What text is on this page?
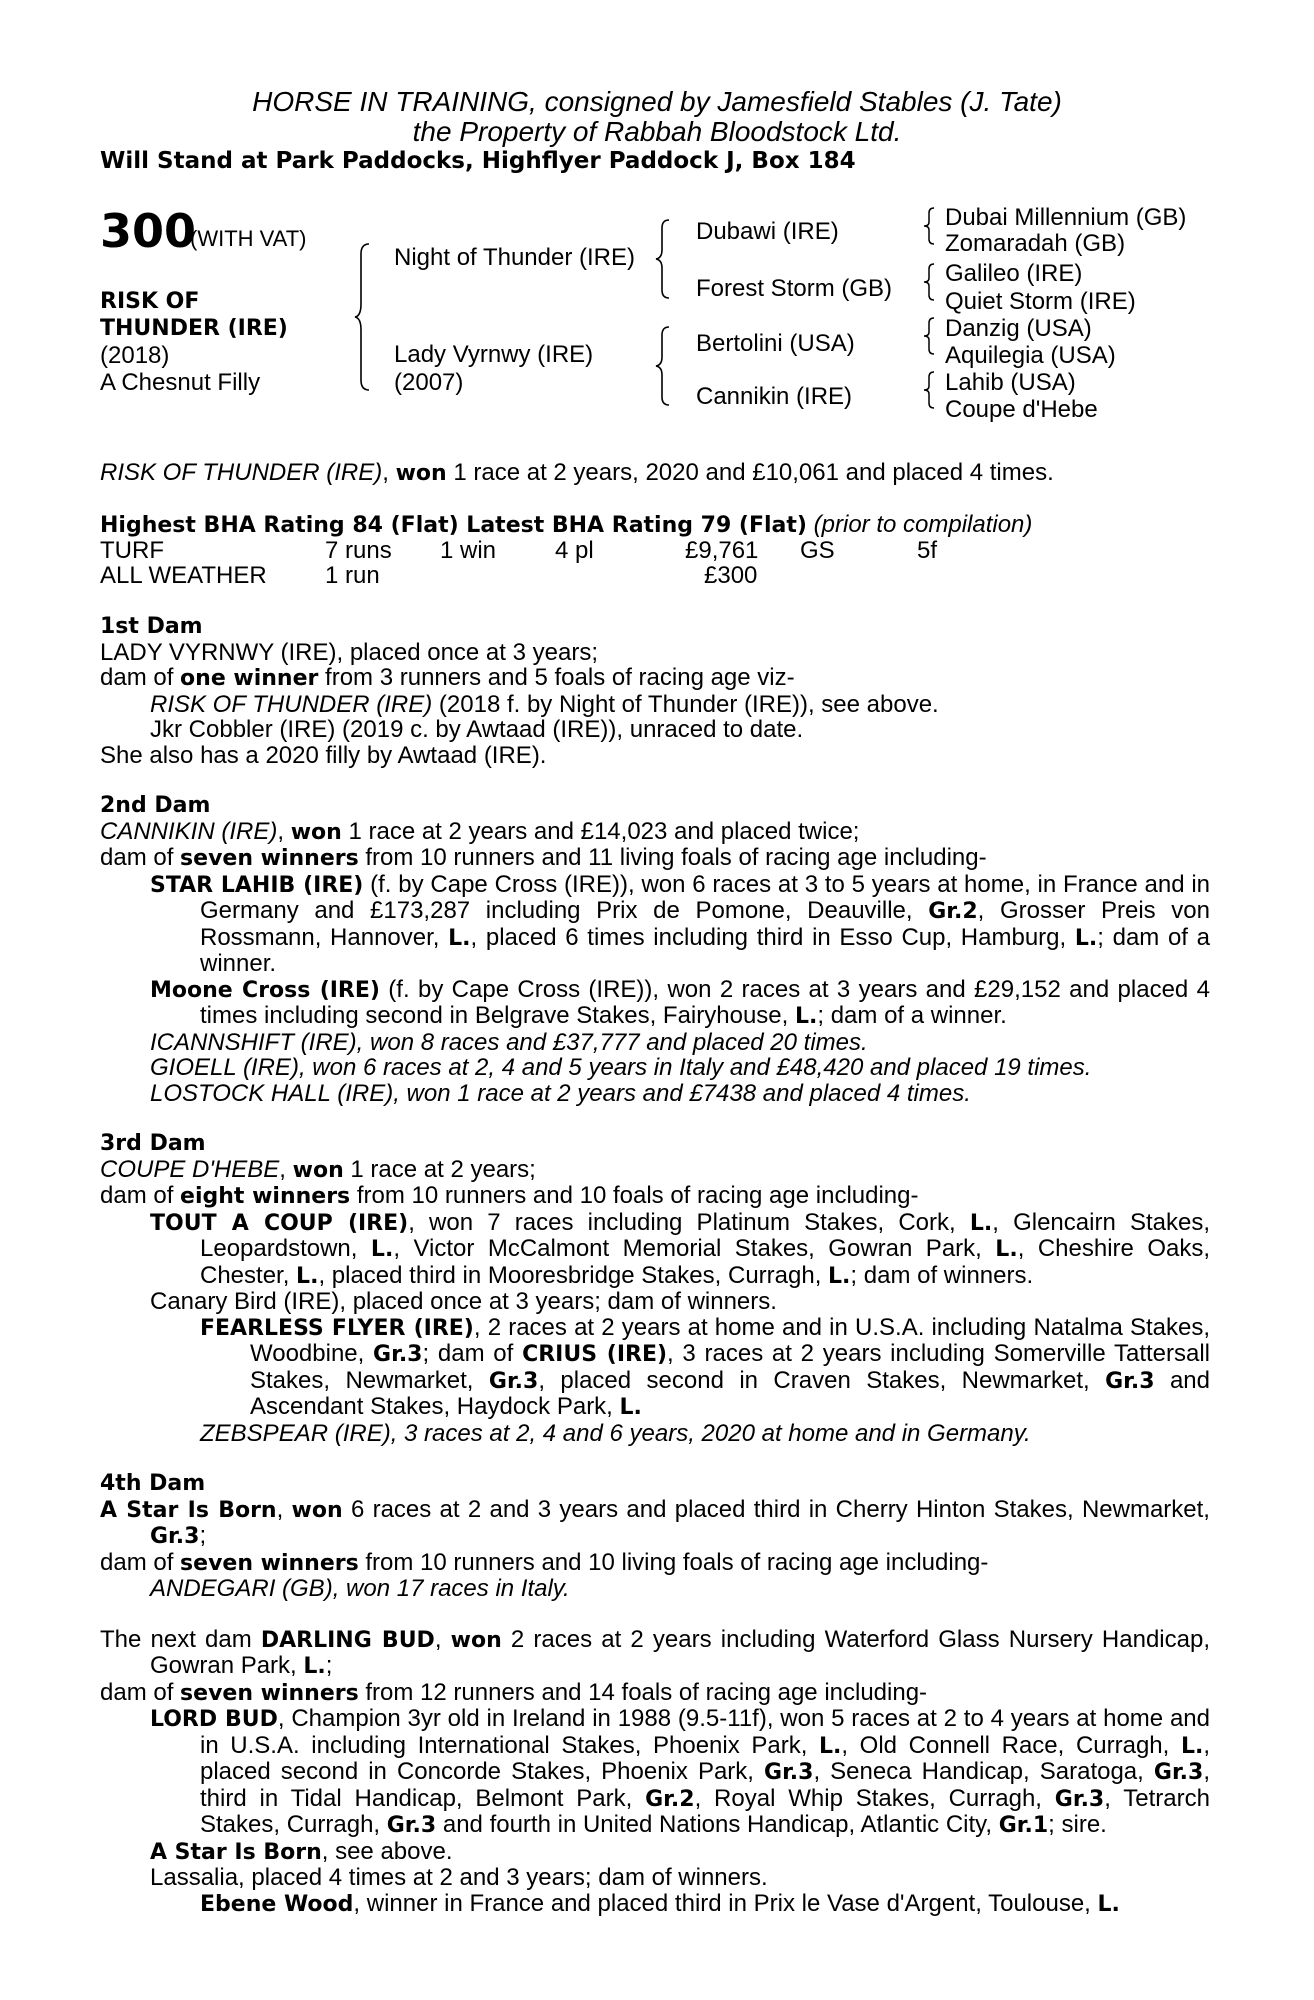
HORSE IN TRAINING, consigned by Jamesfield Stables (J. Tate)
the Property of Rabbah Bloodstock Ltd.
Will Stand at Park Paddocks, Highflyer Paddock J, Box 184
300
(WITH VAT)
RISK OF
THUNDER (IRE)
(2018)
A Chesnut Filly
Night of Thunder (IRE)
Lady Vyrnwy (IRE)
(2007)
Dubawi (IRE)
Forest Storm (GB)
Bertolini (USA)
Cannikin (IRE)
Dubai Millennium (GB)
Zomaradah (GB)
Galileo (IRE)
Quiet Storm (IRE)
Danzig (USA)
Aquilegia (USA)
Lahib (USA)
Coupe d'Hebe

RISK OF THUNDER (IRE), won 1 race at 2 years, 2020 and £10,061 and placed 4 times.

Highest BHA Rating 84 (Flat) Latest BHA Rating 79 (Flat) (prior to compilation)

TURF	7 runs 1 win 4 pl	£9,761 GS	5f
ALL WEATHER 1 run	£300

1st Dam

LADY VYRNWY (IRE), placed once at 3 years;

dam of one winner from 3 runners and 5 foals of racing age viz-

RISK OF THUNDER (IRE) (2018 f. by Night of Thunder (IRE)), see above.

Jkr Cobbler (IRE) (2019 c. by Awtaad (IRE)), unraced to date.

She also has a 2020 filly by Awtaad (IRE).

2nd Dam

CANNIKIN (IRE), won 1 race at 2 years and £14,023 and placed twice;

dam of seven winners from 10 runners and 11 living foals of racing age including-

STAR LAHIB (IRE) (f. by Cape Cross (IRE)), won 6 races at 3 to 5 years at home, in France and in Germany and £173,287 including Prix de Pomone, Deauville, Gr.2, Grosser Preis von Rossmann, Hannover, L., placed 6 times including third in Esso Cup, Hamburg, L.; dam of a winner.

Moone Cross (IRE) (f. by Cape Cross (IRE)), won 2 races at 3 years and £29,152 and placed 4 times including second in Belgrave Stakes, Fairyhouse, L.; dam of a winner.

ICANNSHIFT (IRE), won 8 races and £37,777 and placed 20 times.

GIOELL (IRE), won 6 races at 2, 4 and 5 years in Italy and £48,420 and placed 19 times.

LOSTOCK HALL (IRE), won 1 race at 2 years and £7438 and placed 4 times.

3rd Dam

COUPE D'HEBE, won 1 race at 2 years;

dam of eight winners from 10 runners and 10 foals of racing age including-

TOUT A COUP (IRE), won 7 races including Platinum Stakes, Cork, L., Glencairn Stakes, Leopardstown, L., Victor McCalmont Memorial Stakes, Gowran Park, L., Cheshire Oaks, Chester, L., placed third in Mooresbridge Stakes, Curragh, L.; dam of winners.

Canary Bird (IRE), placed once at 3 years; dam of winners.

FEARLESS FLYER (IRE), 2 races at 2 years at home and in U.S.A. including Natalma Stakes, Woodbine, Gr.3; dam of CRIUS (IRE), 3 races at 2 years including Somerville Tattersall Stakes, Newmarket, Gr.3, placed second in Craven Stakes, Newmarket, Gr.3 and Ascendant Stakes, Haydock Park, L.

ZEBSPEAR (IRE), 3 races at 2, 4 and 6 years, 2020 at home and in Germany.

4th Dam

A Star Is Born, won 6 races at 2 and 3 years and placed third in Cherry Hinton Stakes, Newmarket, Gr.3;

dam of seven winners from 10 runners and 10 living foals of racing age including-

ANDEGARI (GB), won 17 races in Italy.

The next dam DARLING BUD, won 2 races at 2 years including Waterford Glass Nursery Handicap, Gowran Park, L.;

dam of seven winners from 12 runners and 14 foals of racing age including-

LORD BUD, Champion 3yr old in Ireland in 1988 (9.5-11f), won 5 races at 2 to 4 years at home and in U.S.A. including International Stakes, Phoenix Park, L., Old Connell Race, Curragh, L., placed second in Concorde Stakes, Phoenix Park, Gr.3, Seneca Handicap, Saratoga, Gr.3, third in Tidal Handicap, Belmont Park, Gr.2, Royal Whip Stakes, Curragh, Gr.3, Tetrarch Stakes, Curragh, Gr.3 and fourth in United Nations Handicap, Atlantic City, Gr.1; sire.

A Star Is Born, see above.

Lassalia, placed 4 times at 2 and 3 years; dam of winners.

Ebene Wood, winner in France and placed third in Prix le Vase d'Argent, Toulouse, L.
